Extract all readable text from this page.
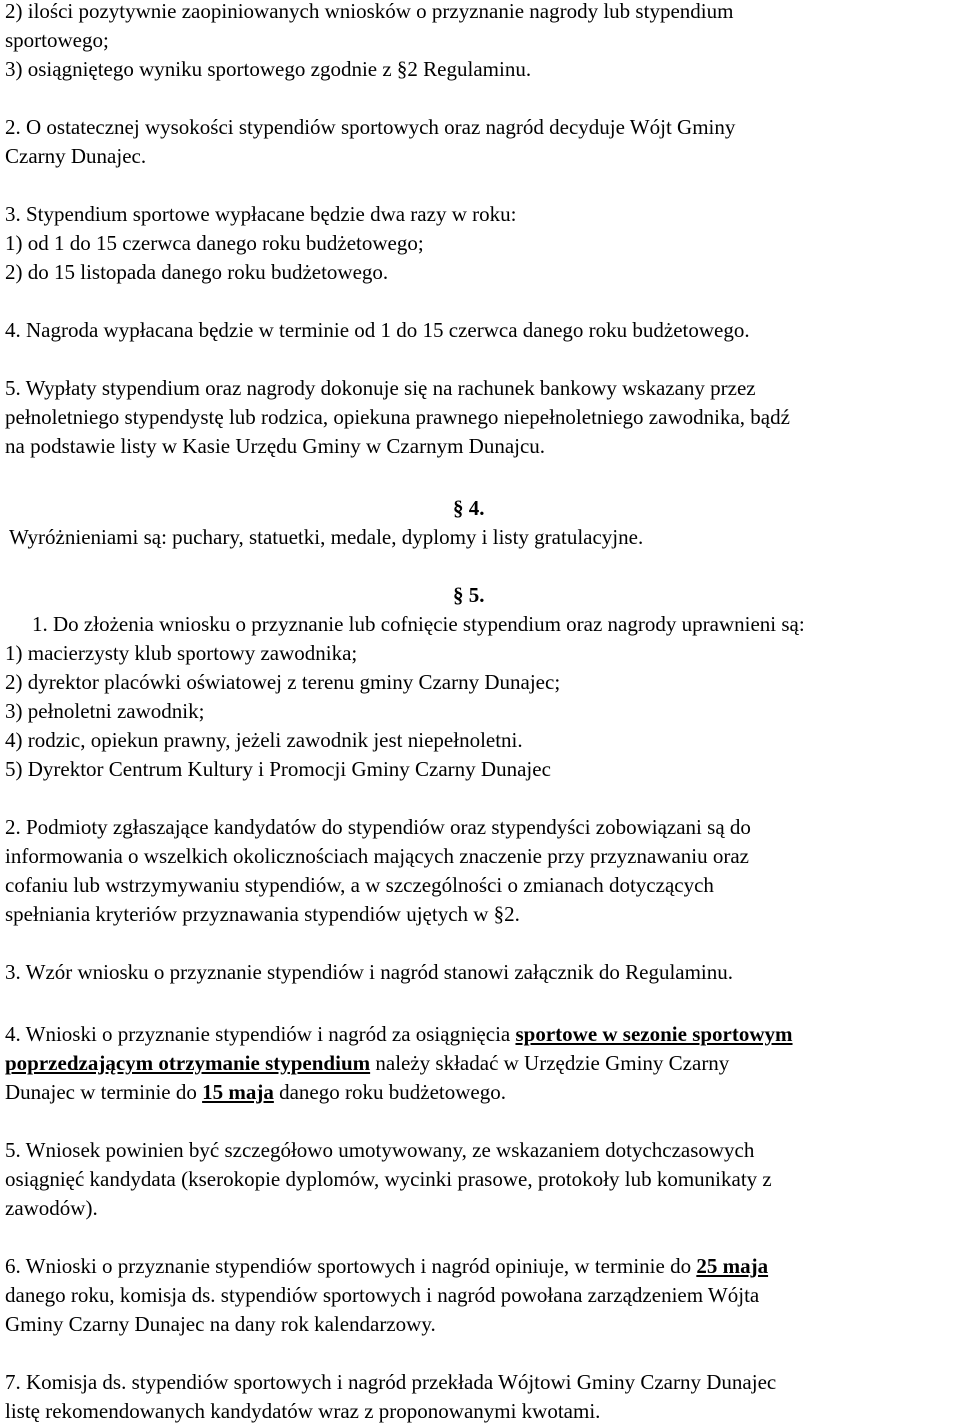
2) ilości pozytywnie zaopiniowanych wniosków o przyznanie nagrody lub stypendium
sportowego;
3) osiągniętego wyniku sportowego zgodnie z §2 Regulaminu.
2. O ostatecznej wysokości stypendiów sportowych oraz nagród decyduje Wójt Gminy
Czarny Dunajec.
3. Stypendium sportowe wypłacane będzie dwa razy w roku:
1) od 1 do 15 czerwca danego roku budżetowego;
2) do 15 listopada danego roku budżetowego.
4. Nagroda wypłacana będzie w terminie od 1 do 15 czerwca danego roku budżetowego.
5. Wypłaty stypendium oraz nagrody dokonuje się na rachunek bankowy wskazany przez
pełnoletniego stypendystę lub rodzica, opiekuna prawnego niepełnoletniego zawodnika, bądź
na podstawie listy w Kasie Urzędu Gminy w Czarnym Dunajcu.
§ 4.
Wyróżnieniami są: puchary, statuetki, medale, dyplomy i listy gratulacyjne.
§ 5.
1. Do złożenia wniosku o przyznanie lub cofnięcie stypendium oraz nagrody uprawnieni są:
1) macierzysty klub sportowy zawodnika;
2) dyrektor placówki oświatowej z terenu gminy Czarny Dunajec;
3) pełnoletni zawodnik;
4) rodzic, opiekun prawny, jeżeli zawodnik jest niepełnoletni.
5) Dyrektor Centrum Kultury i Promocji Gminy Czarny Dunajec
2. Podmioty zgłaszające kandydatów do stypendiów oraz stypendyści zobowiązani są do
informowania o wszelkich okolicznościach mających znaczenie przy przyznawaniu oraz
cofaniu lub wstrzymywaniu stypendiów, a w szczególności o zmianach dotyczących
spełniania kryteriów przyznawania stypendiów ujętych w §2.
3. Wzór wniosku o przyznanie stypendiów i nagród stanowi załącznik do Regulaminu.
4. Wnioski o przyznanie stypendiów i nagród za osiągnięcia sportowe w sezonie sportowym
poprzedzającym otrzymanie stypendium należy składać w Urzędzie Gminy Czarny
Dunajec w terminie do 15 maja danego roku budżetowego.
5. Wniosek powinien być szczegółowo umotywowany, ze wskazaniem dotychczasowych
osiągnięć kandydata (kserokopie dyplomów, wycinki prasowe, protokoły lub komunikaty z
zawodów).
6. Wnioski o przyznanie stypendiów sportowych i nagród opiniuje, w terminie do 25 maja
danego roku, komisja ds. stypendiów sportowych i nagród powołana zarządzeniem Wójta
Gminy Czarny Dunajec na dany rok kalendarzowy.
7. Komisja ds. stypendiów sportowych i nagród przekłada Wójtowi Gminy Czarny Dunajec
listę rekomendowanych kandydatów wraz z proponowanymi kwotami.
